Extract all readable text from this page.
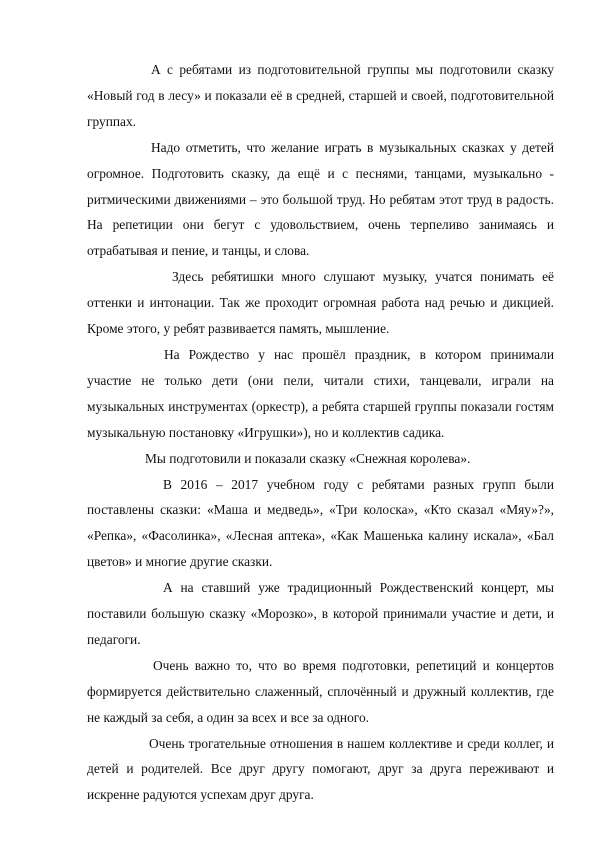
А с ребятами из подготовительной группы мы подготовили сказку «Новый год в лесу» и показали её в средней, старшей и своей, подготовительной группах.

Надо отметить, что желание играть в музыкальных сказках у детей огромное. Подготовить сказку, да ещё и с песнями, танцами, музыкально - ритмическими движениями – это большой труд. Но ребятам этот труд в радость. На репетиции они бегут с удовольствием, очень терпеливо занимаясь и отрабатывая и пение, и танцы, и слова.

Здесь ребятишки много слушают музыку, учатся понимать её оттенки и интонации. Так же проходит огромная работа над речью и дикцией. Кроме этого, у ребят развивается память, мышление.

На Рождество у нас прошёл праздник, в котором принимали участие не только дети (они пели, читали стихи, танцевали, играли на музыкальных инструментах (оркестр), а ребята старшей группы показали гостям музыкальную постановку «Игрушки»), но и коллектив садика.

Мы подготовили и показали сказку «Снежная королева».

В 2016 – 2017 учебном году с ребятами разных групп были поставлены сказки: «Маша и медведь», «Три колоска», «Кто сказал «Мяу»?», «Репка», «Фасолинка», «Лесная аптека», «Как Машенька калину искала», «Бал цветов» и многие другие сказки.

А на ставший уже традиционный Рождественский концерт, мы поставили большую сказку «Морозко», в которой принимали участие и дети, и педагоги.

Очень важно то, что во время подготовки, репетиций и концертов формируется действительно слаженный, сплочённый и дружный коллектив, где не каждый за себя, а один за всех и все за одного.

Очень трогательные отношения в нашем коллективе и среди коллег, и детей и родителей. Все друг другу помогают, друг за друга переживают и искренне радуются успехам друг друга.
